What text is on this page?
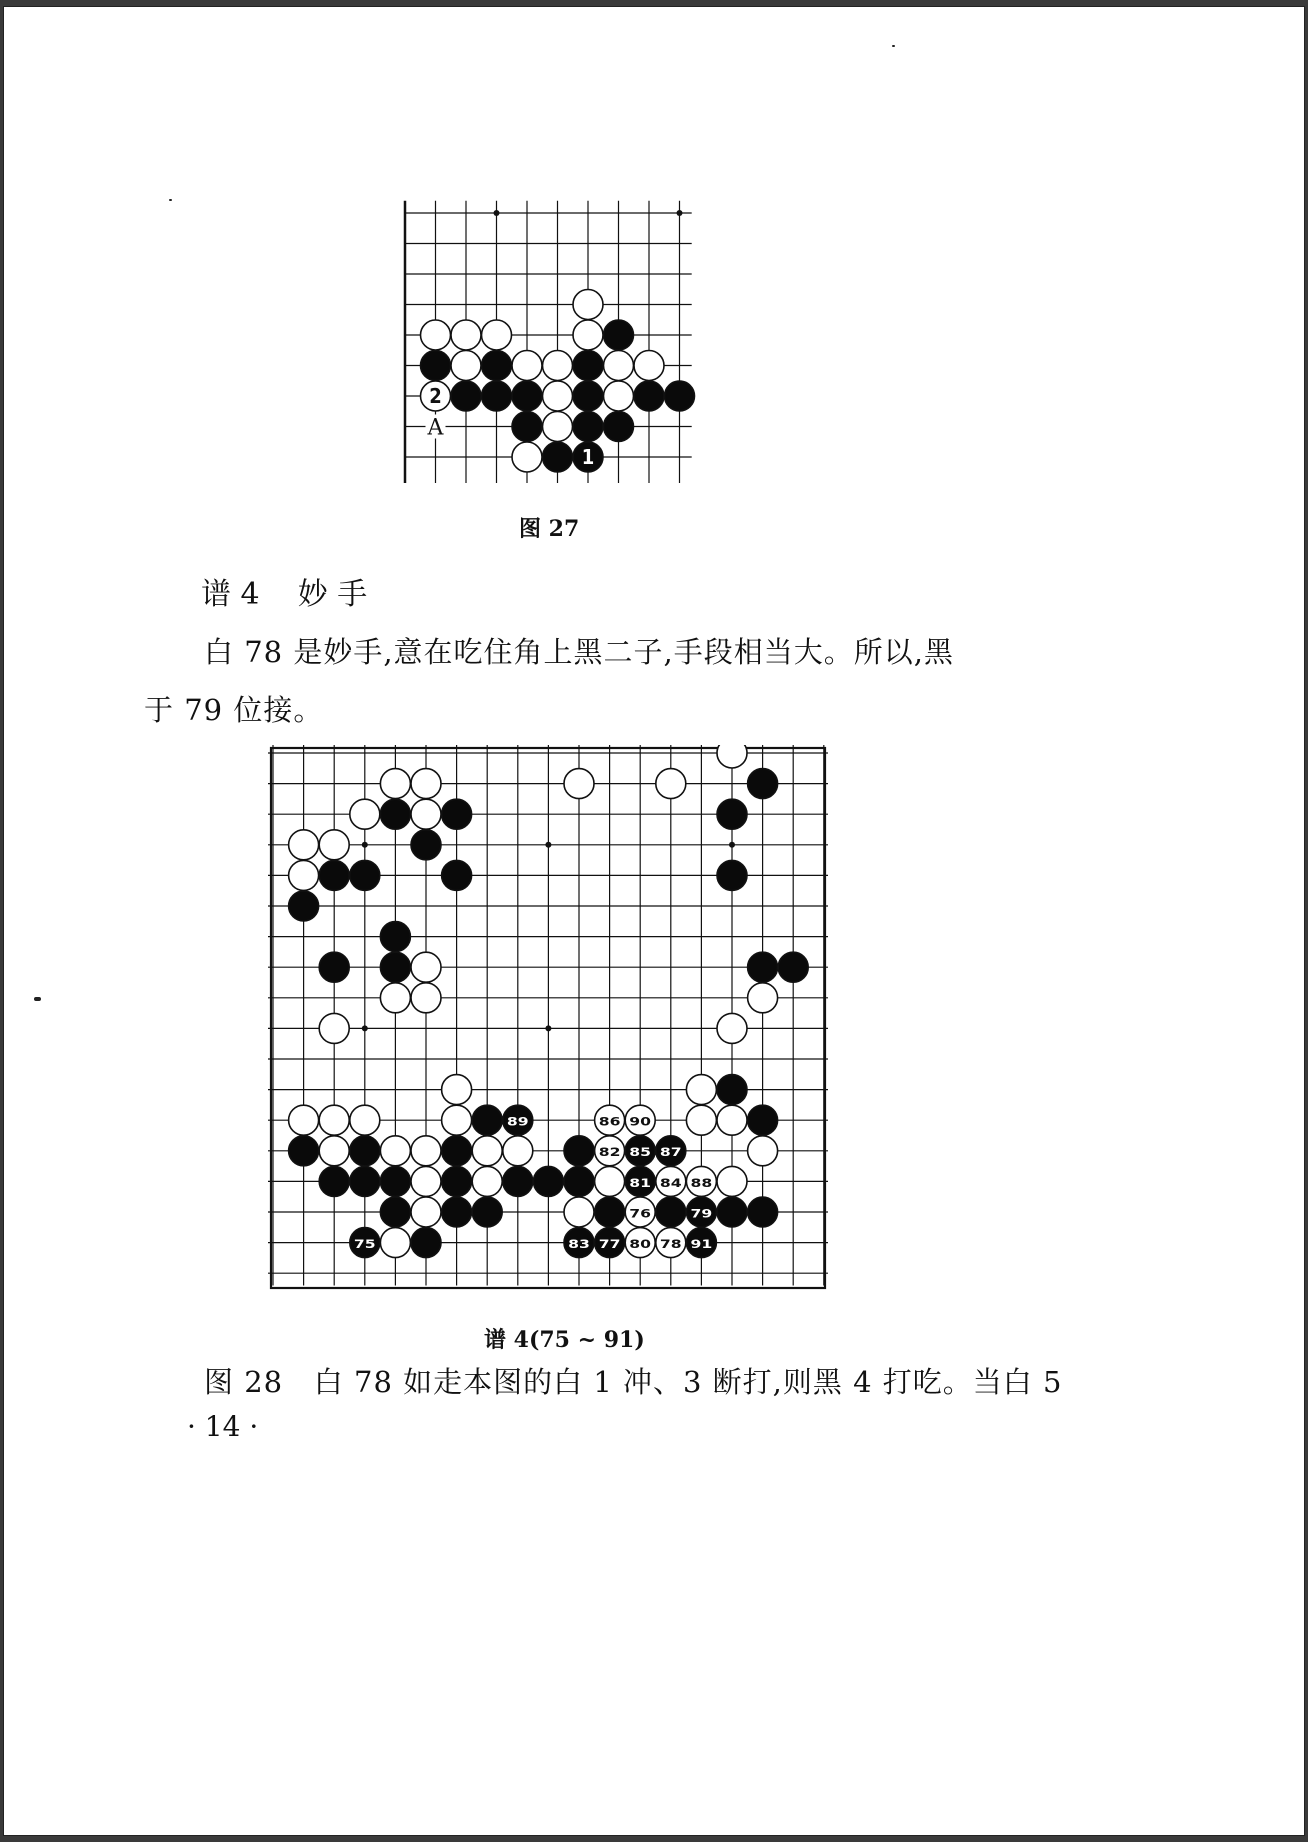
A
2
1
图 27
谱 4    妙 手
白 78 是妙手,意在吃住角上黑二子,手段相当大。所以,黑于 79 位接。
89	86 90
82 85 87
81 84 88
76	79
75	83 77 80 78 91
谱 4(75 ~ 91)
图 28   白 78 如走本图的白 1 冲、3 断打,则黑 4 打吃。当白 5
· 14 ·
